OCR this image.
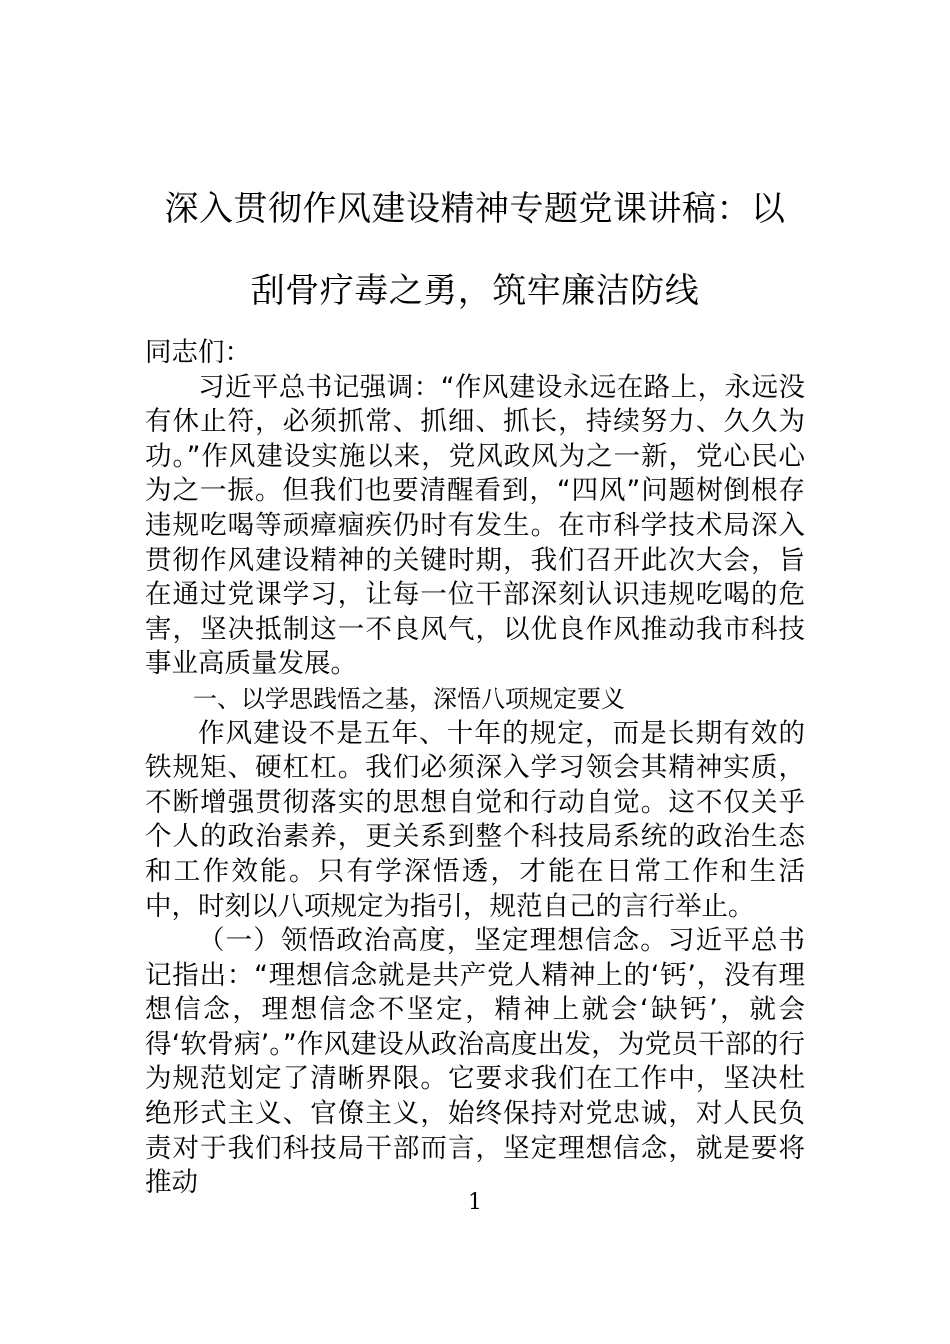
深入贯彻作风建设精神专题党课讲稿：以刮骨疗毒之勇，筑牢廉洁防线

同志们：

习近平总书记强调：“作风建设永远在路上，永远没有休止符，必须抓常、抓细、抓长，持续努力、久久为功。”作风建设实施以来，党风政风为之一新，党心民心为之一振。但我们也要清醒看到，“四风”问题树倒根存违规吃喝等顽瘴痼疾仍时有发生。在市科学技术局深入贯彻作风建设精神的关键时期，我们召开此次大会，旨在通过党课学习，让每一位干部深刻认识违规吃喝的危害，坚决抵制这一不良风气，以优良作风推动我市科技事业高质量发展。

一、以学思践悟之基，深悟八项规定要义

作风建设不是五年、十年的规定，而是长期有效的铁规矩、硬杠杠。我们必须深入学习领会其精神实质，不断增强贯彻落实的思想自觉和行动自觉。这不仅关乎个人的政治素养，更关系到整个科技局系统的政治生态和工作效能。只有学深悟透，才能在日常工作和生活中，时刻以八项规定为指引，规范自己的言行举止。

（一）领悟政治高度，坚定理想信念。习近平总书记指出：“理想信念就是共产党人精神上的‘钙’，没有理想信念，理想信念不坚定，精神上就会‘缺钙’，就会得‘软骨病’。”作风建设从政治高度出发，为党员干部的行为规范划定了清晰界限。它要求我们在工作中，坚决杜绝形式主义、官僚主义，始终保持对党忠诚，对人民负责对于我们科技局干部而言，坚定理想信念，就是要将推动

1
